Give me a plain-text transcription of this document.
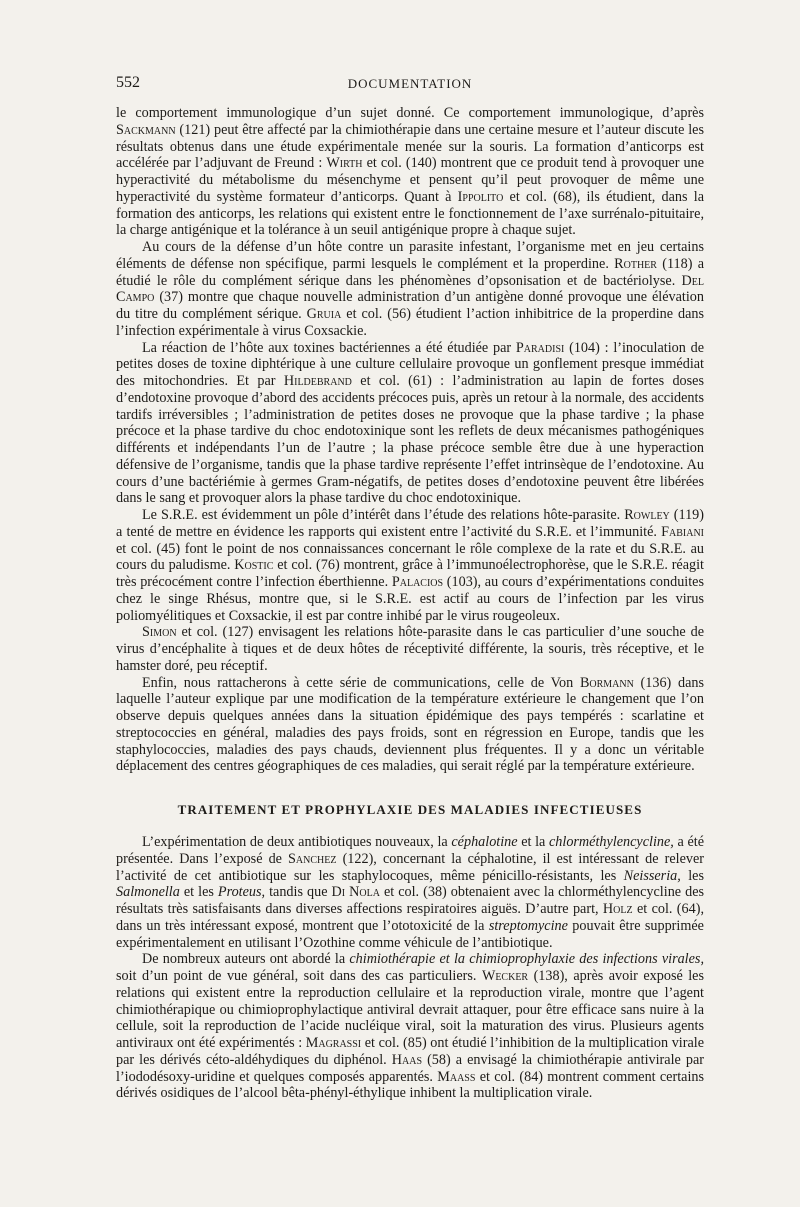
552	DOCUMENTATION

le comportement immunologique d’un sujet donné. Ce comportement immunologique, d’après Sackmann (121) peut être affecté par la chimiothérapie dans une certaine mesure et l’auteur discute les résultats obtenus dans une étude expérimentale menée sur la souris. La formation d’anticorps est accélérée par l’adjuvant de Freund : Wirth et col. (140) montrent que ce produit tend à provoquer une hyperactivité du métabolisme du mésenchyme et pensent qu’il peut provoquer de même une hyperactivité du système formateur d’anticorps. Quant à Ippolito et col. (68), ils étudient, dans la formation des anticorps, les relations qui existent entre le fonctionnement de l’axe surrénalo-pituitaire, la charge antigénique et la tolérance à un seuil antigénique propre à chaque sujet.

Au cours de la défense d’un hôte contre un parasite infestant, l’organisme met en jeu certains éléments de défense non spécifique, parmi lesquels le complément et la properdine. Rother (118) a étudié le rôle du complément sérique dans les phénomènes d’opsonisation et de bactériolyse. Del Campo (37) montre que chaque nouvelle administration d’un antigène donné provoque une élévation du titre du complément sérique. Gruia et col. (56) étudient l’action inhibitrice de la properdine dans l’infection expérimentale à virus Coxsackie.

La réaction de l’hôte aux toxines bactériennes a été étudiée par Paradisi (104) : l’inoculation de petites doses de toxine diphtérique à une culture cellulaire provoque un gonflement presque immédiat des mitochondries. Et par Hildebrand et col. (61) : l’administration au lapin de fortes doses d’endotoxine provoque d’abord des accidents précoces puis, après un retour à la normale, des accidents tardifs irréversibles ; l’administration de petites doses ne provoque que la phase tardive ; la phase précoce et la phase tardive du choc endotoxinique sont les reflets de deux mécanismes pathogéniques différents et indépendants l’un de l’autre ; la phase précoce semble être due à une hyperaction défensive de l’organisme, tandis que la phase tardive représente l’effet intrinsèque de l’endotoxine. Au cours d’une bactériémie à germes Gram-négatifs, de petites doses d’endotoxine peuvent être libérées dans le sang et provoquer alors la phase tardive du choc endotoxinique.

Le S.R.E. est évidemment un pôle d’intérêt dans l’étude des relations hôte-parasite. Rowley (119) a tenté de mettre en évidence les rapports qui existent entre l’activité du S.R.E. et l’immunité. Fabiani et col. (45) font le point de nos connaissances concernant le rôle complexe de la rate et du S.R.E. au cours du paludisme. Kostic et col. (76) montrent, grâce à l’immunoélectrophorèse, que le S.R.E. réagit très précocément contre l’infection éberthienne. Palacios (103), au cours d’expérimentations conduites chez le singe Rhésus, montre que, si le S.R.E. est actif au cours de l’infection par les virus poliomyélitiques et Coxsackie, il est par contre inhibé par le virus rougeoleux.

Simon et col. (127) envisagent les relations hôte-parasite dans le cas particulier d’une souche de virus d’encéphalite à tiques et de deux hôtes de réceptivité différente, la souris, très réceptive, et le hamster doré, peu réceptif.

Enfin, nous rattacherons à cette série de communications, celle de Von Bormann (136) dans laquelle l’auteur explique par une modification de la température extérieure le changement que l’on observe depuis quelques années dans la situation épidémique des pays tempérés : scarlatine et streptococcies en général, maladies des pays froids, sont en régression en Europe, tandis que les staphylococcies, maladies des pays chauds, deviennent plus fréquentes. Il y a donc un véritable déplacement des centres géographiques de ces maladies, qui serait réglé par la température extérieure.

TRAITEMENT ET PROPHYLAXIE DES MALADIES INFECTIEUSES

L’expérimentation de deux antibiotiques nouveaux, la céphalotine et la chlorméthylencycline, a été présentée. Dans l’exposé de Sanchez (122), concernant la céphalotine, il est intéressant de relever l’activité de cet antibiotique sur les staphylocoques, même pénicillo-résistants, les Neisseria, les Salmonella et les Proteus, tandis que Di Nola et col. (38) obtenaient avec la chlorméthylencycline des résultats très satisfaisants dans diverses affections respiratoires aiguës. D’autre part, Holz et col. (64), dans un très intéressant exposé, montrent que l’ototoxicité de la streptomycine pouvait être supprimée expérimentalement en utilisant l’Ozothine comme véhicule de l’antibiotique.

De nombreux auteurs ont abordé la chimiothérapie et la chimioprophylaxie des infections virales, soit d’un point de vue général, soit dans des cas particuliers. Wecker (138), après avoir exposé les relations qui existent entre la reproduction cellulaire et la reproduction virale, montre que l’agent chimiothérapique ou chimioprophylactique antiviral devrait attaquer, pour être efficace sans nuire à la cellule, soit la reproduction de l’acide nucléique viral, soit la maturation des virus. Plusieurs agents antiviraux ont été expérimentés : Magrassi et col. (85) ont étudié l’inhibition de la multiplication virale par les dérivés céto-aldéhydiques du diphénol. Haas (58) a envisagé la chimiothérapie antivirale par l’iododésoxy-uridine et quelques composés apparentés. Maass et col. (84) montrent comment certains dérivés osidiques de l’alcool bêta-phényl-éthylique inhibent la multiplication virale.
